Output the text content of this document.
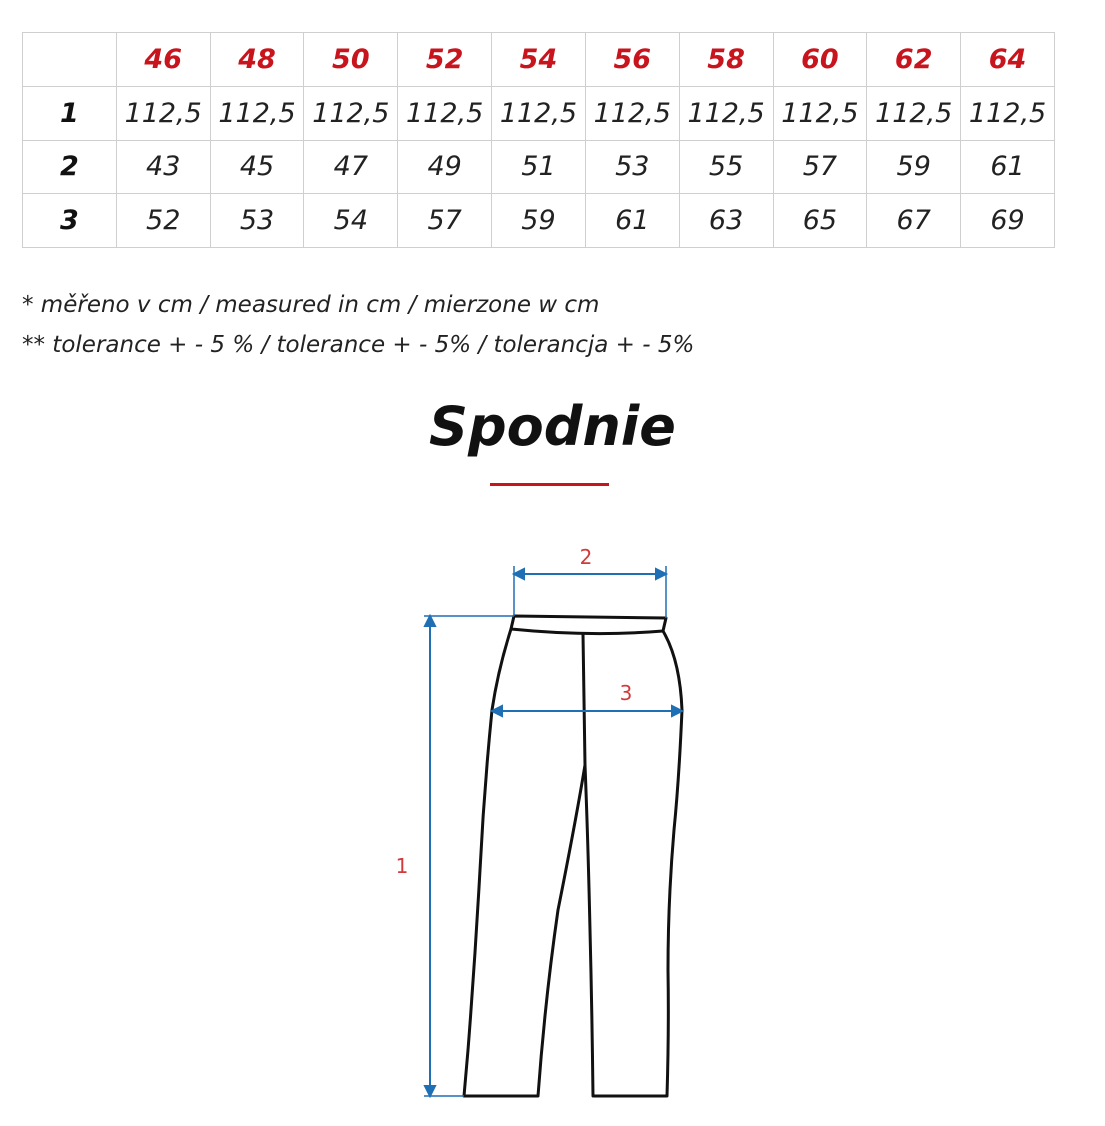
	46	48	50	52	54	56	58	60	62	64
1	112,5	112,5	112,5	112,5	112,5	112,5	112,5	112,5	112,5	112,5
2	43	45	47	49	51	53	55	57	59	61
3	52	53	54	57	59	61	63	65	67	69
* měřeno v cm / measured in cm / mierzone w cm
** tolerance + - 5 % / tolerance + - 5% / tolerancja + - 5%
Spodnie
2
3
1
